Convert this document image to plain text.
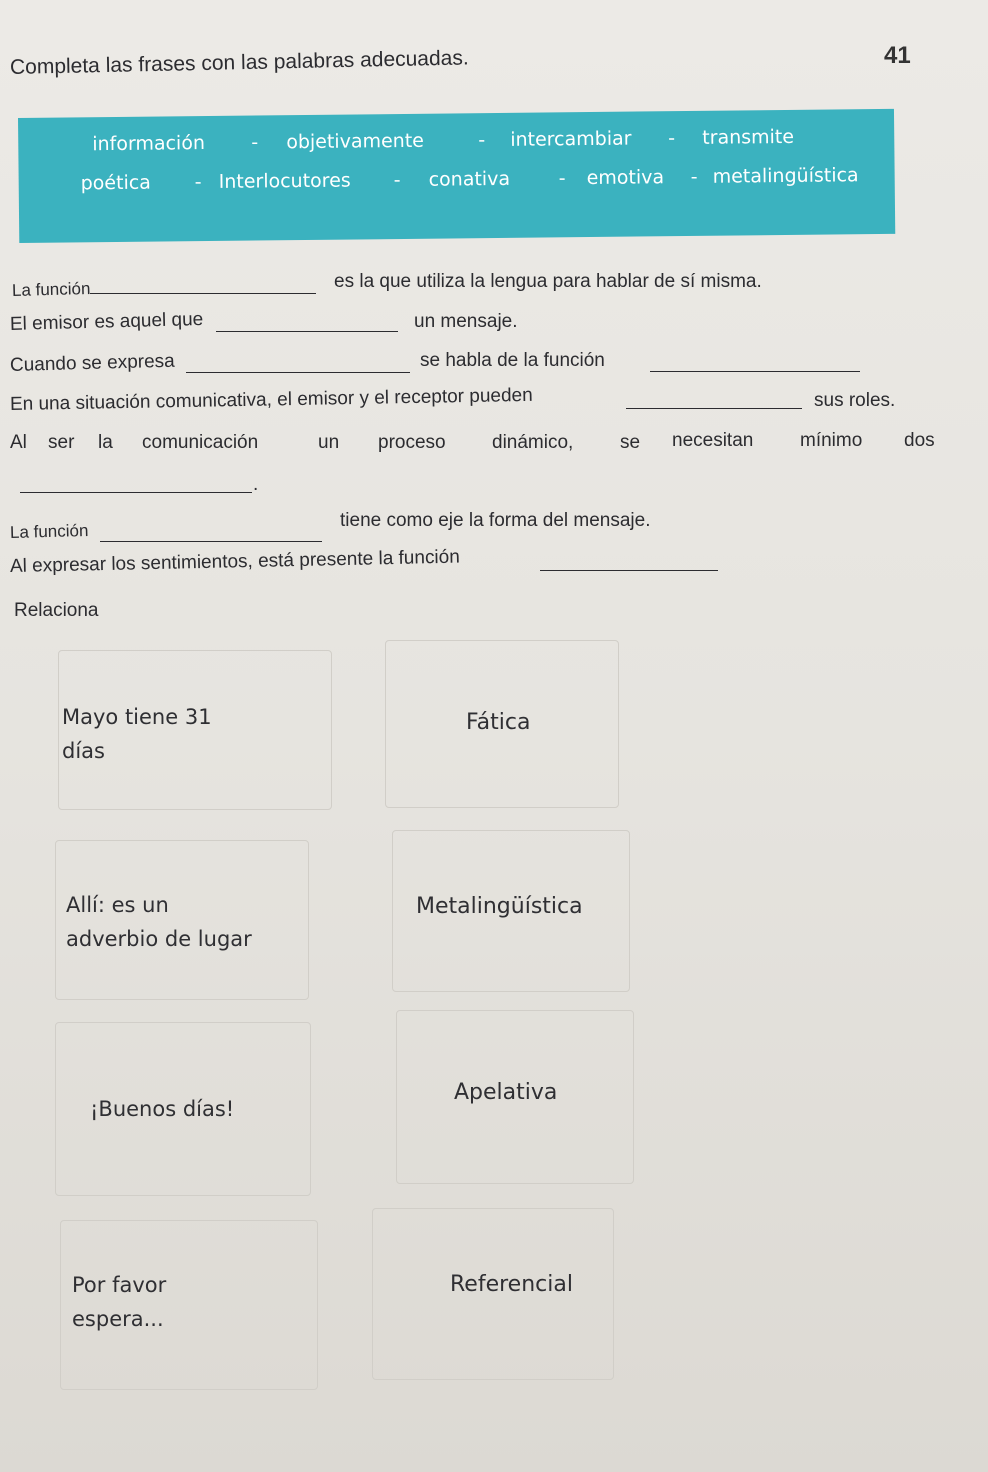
41
Completa las frases con las palabras adecuadas.
información - objetivamente	- intercambiar - transmite
poética - Interlocutores - conativa	- emotiva - metalingüística
La función	es la que utiliza la lengua para hablar de sí misma.
El emisor es aquel que	un mensaje.
Cuando se expresa	se habla de la función
En una situación comunicativa, el emisor y el receptor pueden	sus roles.
Al ser la comunicación	un proceso dinámico, se necesitan mínimo dos
.
La función
tiene como eje la forma del mensaje.
Al expresar los sentimientos, está presente la función
Relaciona
Mayo tiene 31
días
Allí: es un
adverbio de lugar
¡Buenos días!
Por favor
espera...
Fática
Metalingüística
Apelativa
Referencial
